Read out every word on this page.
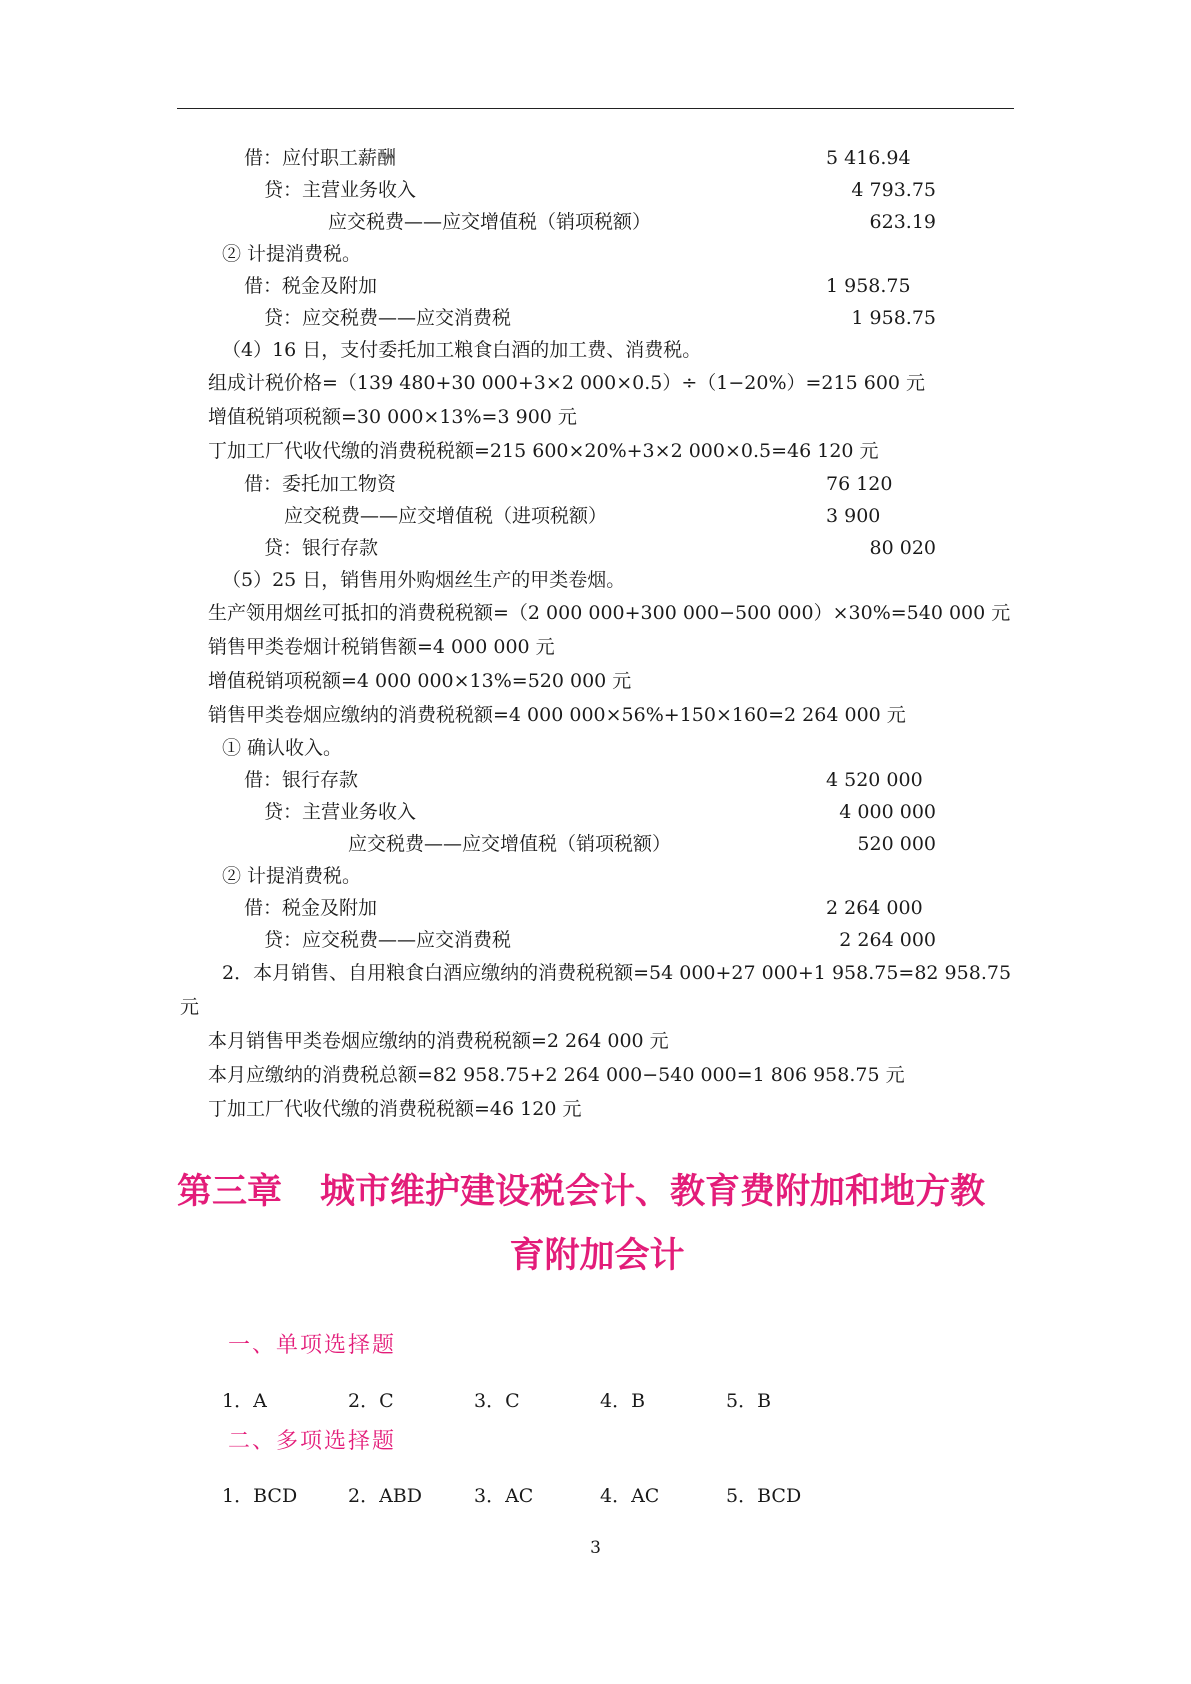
借：应付职工薪酬	5 416.94
贷：主营业务收入	4 793.75
应交税费——应交增值税（销项税额）	623.19
② 计提消费税。
借：税金及附加	1 958.75
贷：应交税费——应交消费税	1 958.75
（4）16 日，支付委托加工粮食白酒的加工费、消费税。
组成计税价格=（139 480+30 000+3×2 000×0.5）÷（1−20%）=215 600 元
增值税销项税额=30 000×13%=3 900 元
丁加工厂代收代缴的消费税税额=215 600×20%+3×2 000×0.5=46 120 元
借：委托加工物资	76 120
应交税费——应交增值税（进项税额）	3 900
贷：银行存款	80 020
（5）25 日，销售用外购烟丝生产的甲类卷烟。
生产领用烟丝可抵扣的消费税税额=（2 000 000+300 000−500 000）×30%=540 000 元
销售甲类卷烟计税销售额=4 000 000 元
增值税销项税额=4 000 000×13%=520 000 元
销售甲类卷烟应缴纳的消费税税额=4 000 000×56%+150×160=2 264 000 元
① 确认收入。
借：银行存款	4 520 000
贷：主营业务收入	4 000 000
应交税费——应交增值税（销项税额）	520 000
② 计提消费税。
借：税金及附加	2 264 000
贷：应交税费——应交消费税	2 264 000
2．本月销售、自用粮食白酒应缴纳的消费税税额=54 000+27 000+1 958.75=82 958.75
元
本月销售甲类卷烟应缴纳的消费税税额=2 264 000 元
本月应缴纳的消费税总额=82 958.75+2 264 000−540 000=1 806 958.75 元
丁加工厂代收代缴的消费税税额=46 120 元
第三章 城市维护建设税会计、教育费附加和地方教
育附加会计
一、单项选择题
1．A	2．C	3．C	4．B	5．B
二、多项选择题
1．BCD	2．ABD	3．AC	4．AC	5．BCD
3
